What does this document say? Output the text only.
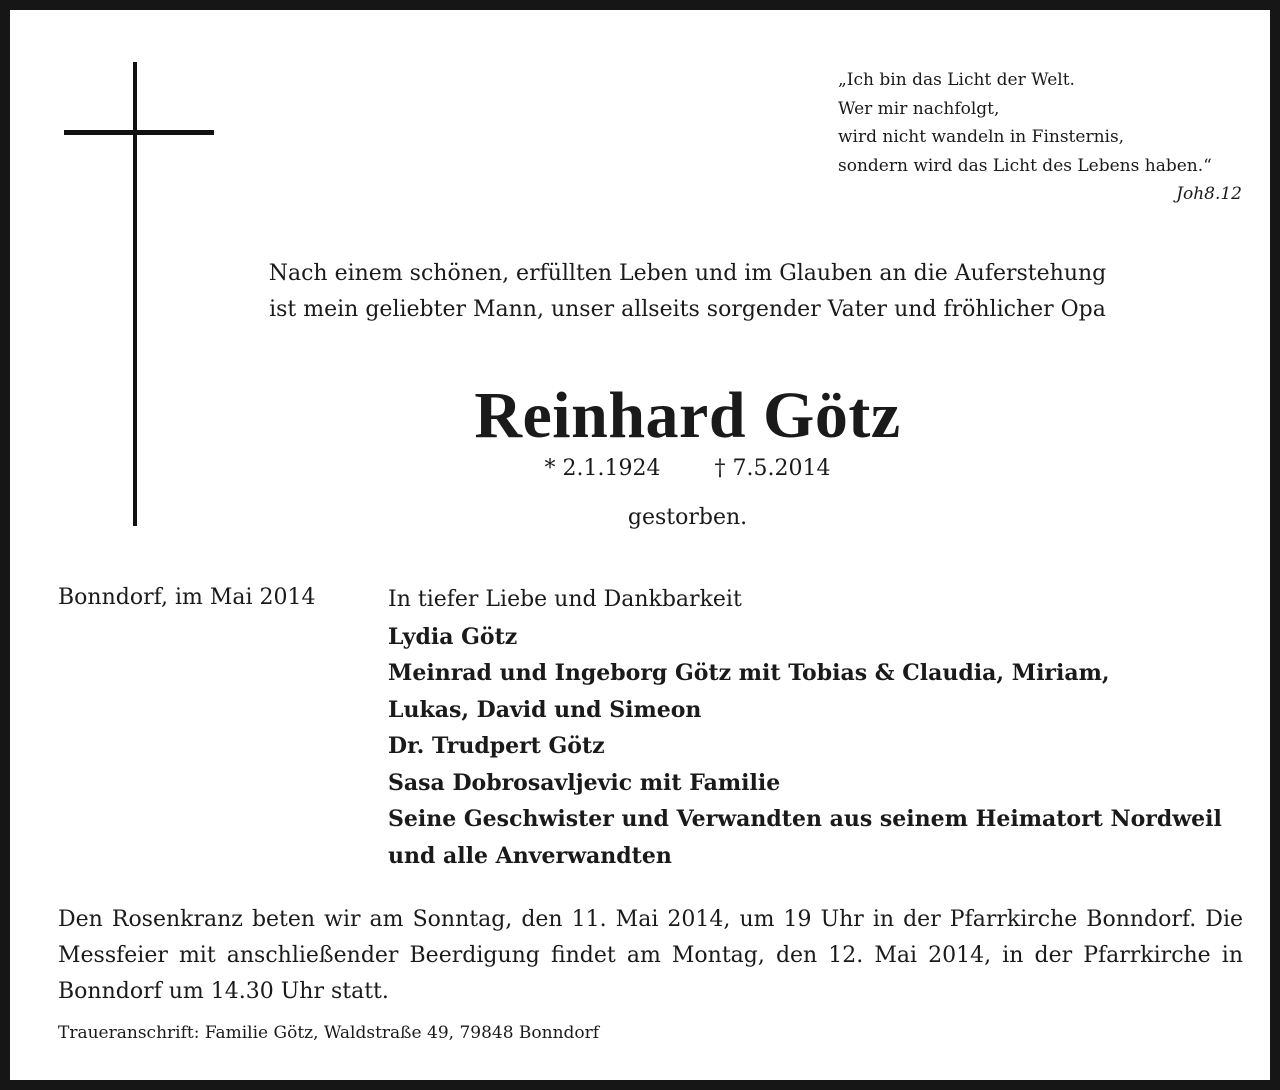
„Ich bin das Licht der Welt.
Wer mir nachfolgt,
wird nicht wandeln in Finsternis,
sondern wird das Licht des Lebens haben.“
Joh8.12
Nach einem schönen, erfüllten Leben und im Glauben an die Auferstehung
ist mein geliebter Mann, unser allseits sorgender Vater und fröhlicher Opa
Reinhard Götz
* 2.1.1924 † 7.5.2014
gestorben.
Bonndorf, im Mai 2014	In tiefer Liebe und Dankbarkeit
Lydia Götz
Meinrad und Ingeborg Götz mit Tobias & Claudia, Miriam,
Lukas, David und Simeon
Dr. Trudpert Götz
Sasa Dobrosavljevic mit Familie
Seine Geschwister und Verwandten aus seinem Heimatort Nordweil
und alle Anverwandten
Den Rosenkranz beten wir am Sonntag, den 11. Mai 2014, um 19 Uhr in der Pfarrkirche Bonndorf. Die Messfeier mit anschließender Beerdigung findet am Montag, den 12. Mai 2014, in der Pfarrkirche in Bonndorf um 14.30 Uhr statt.
Traueranschrift: Familie Götz, Waldstraße 49, 79848 Bonndorf
